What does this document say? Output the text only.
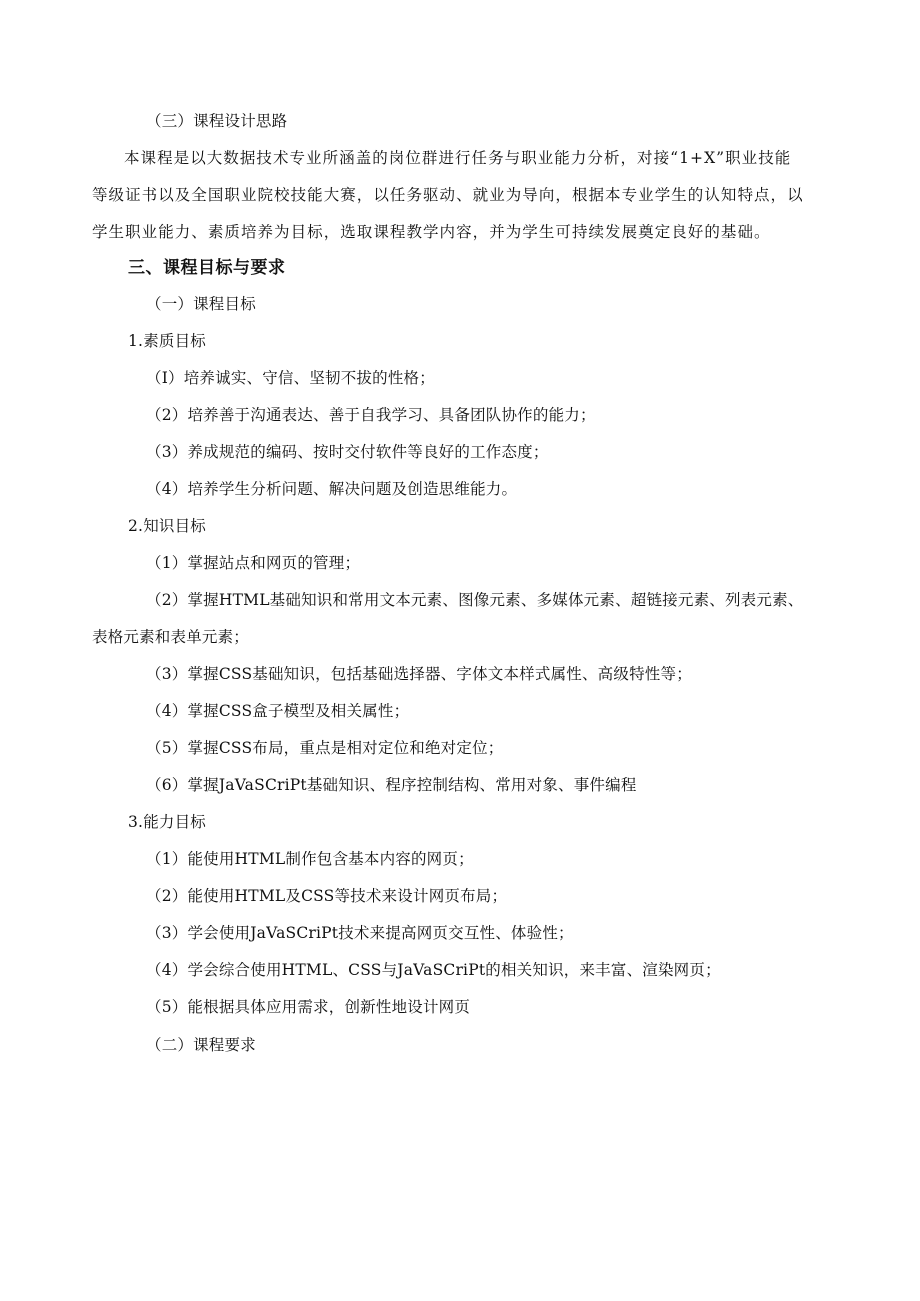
（三）课程设计思路
本课程是以大数据技术专业所涵盖的岗位群进行任务与职业能力分析，对接“1+X”职业技能
等级证书以及全国职业院校技能大赛，以任务驱动、就业为导向，根据本专业学生的认知特点，以
学生职业能力、素质培养为目标，选取课程教学内容，并为学生可持续发展奠定良好的基础。
三、课程目标与要求
（一）课程目标
1.素质目标
（I）培养诚实、守信、坚韧不拔的性格；
（2）培养善于沟通表达、善于自我学习、具备团队协作的能力；
（3）养成规范的编码、按时交付软件等良好的工作态度；
（4）培养学生分析问题、解决问题及创造思维能力。
2.知识目标
（1）掌握站点和网页的管理；
（2）掌握HTML基础知识和常用文本元素、图像元素、多媒体元素、超链接元素、列表元素、
表格元素和表单元素；
（3）掌握CSS基础知识，包括基础选择器、字体文本样式属性、高级特性等；
（4）掌握CSS盒子模型及相关属性；
（5）掌握CSS布局，重点是相对定位和绝对定位；
（6）掌握JaVaSCriPt基础知识、程序控制结构、常用对象、事件编程
3.能力目标
（1）能使用HTML制作包含基本内容的网页；
（2）能使用HTML及CSS等技术来设计网页布局；
（3）学会使用JaVaSCriPt技术来提高网页交互性、体验性；
（4）学会综合使用HTML、CSS与JaVaSCriPt的相关知识，来丰富、渲染网页；
（5）能根据具体应用需求，创新性地设计网页
（二）课程要求
